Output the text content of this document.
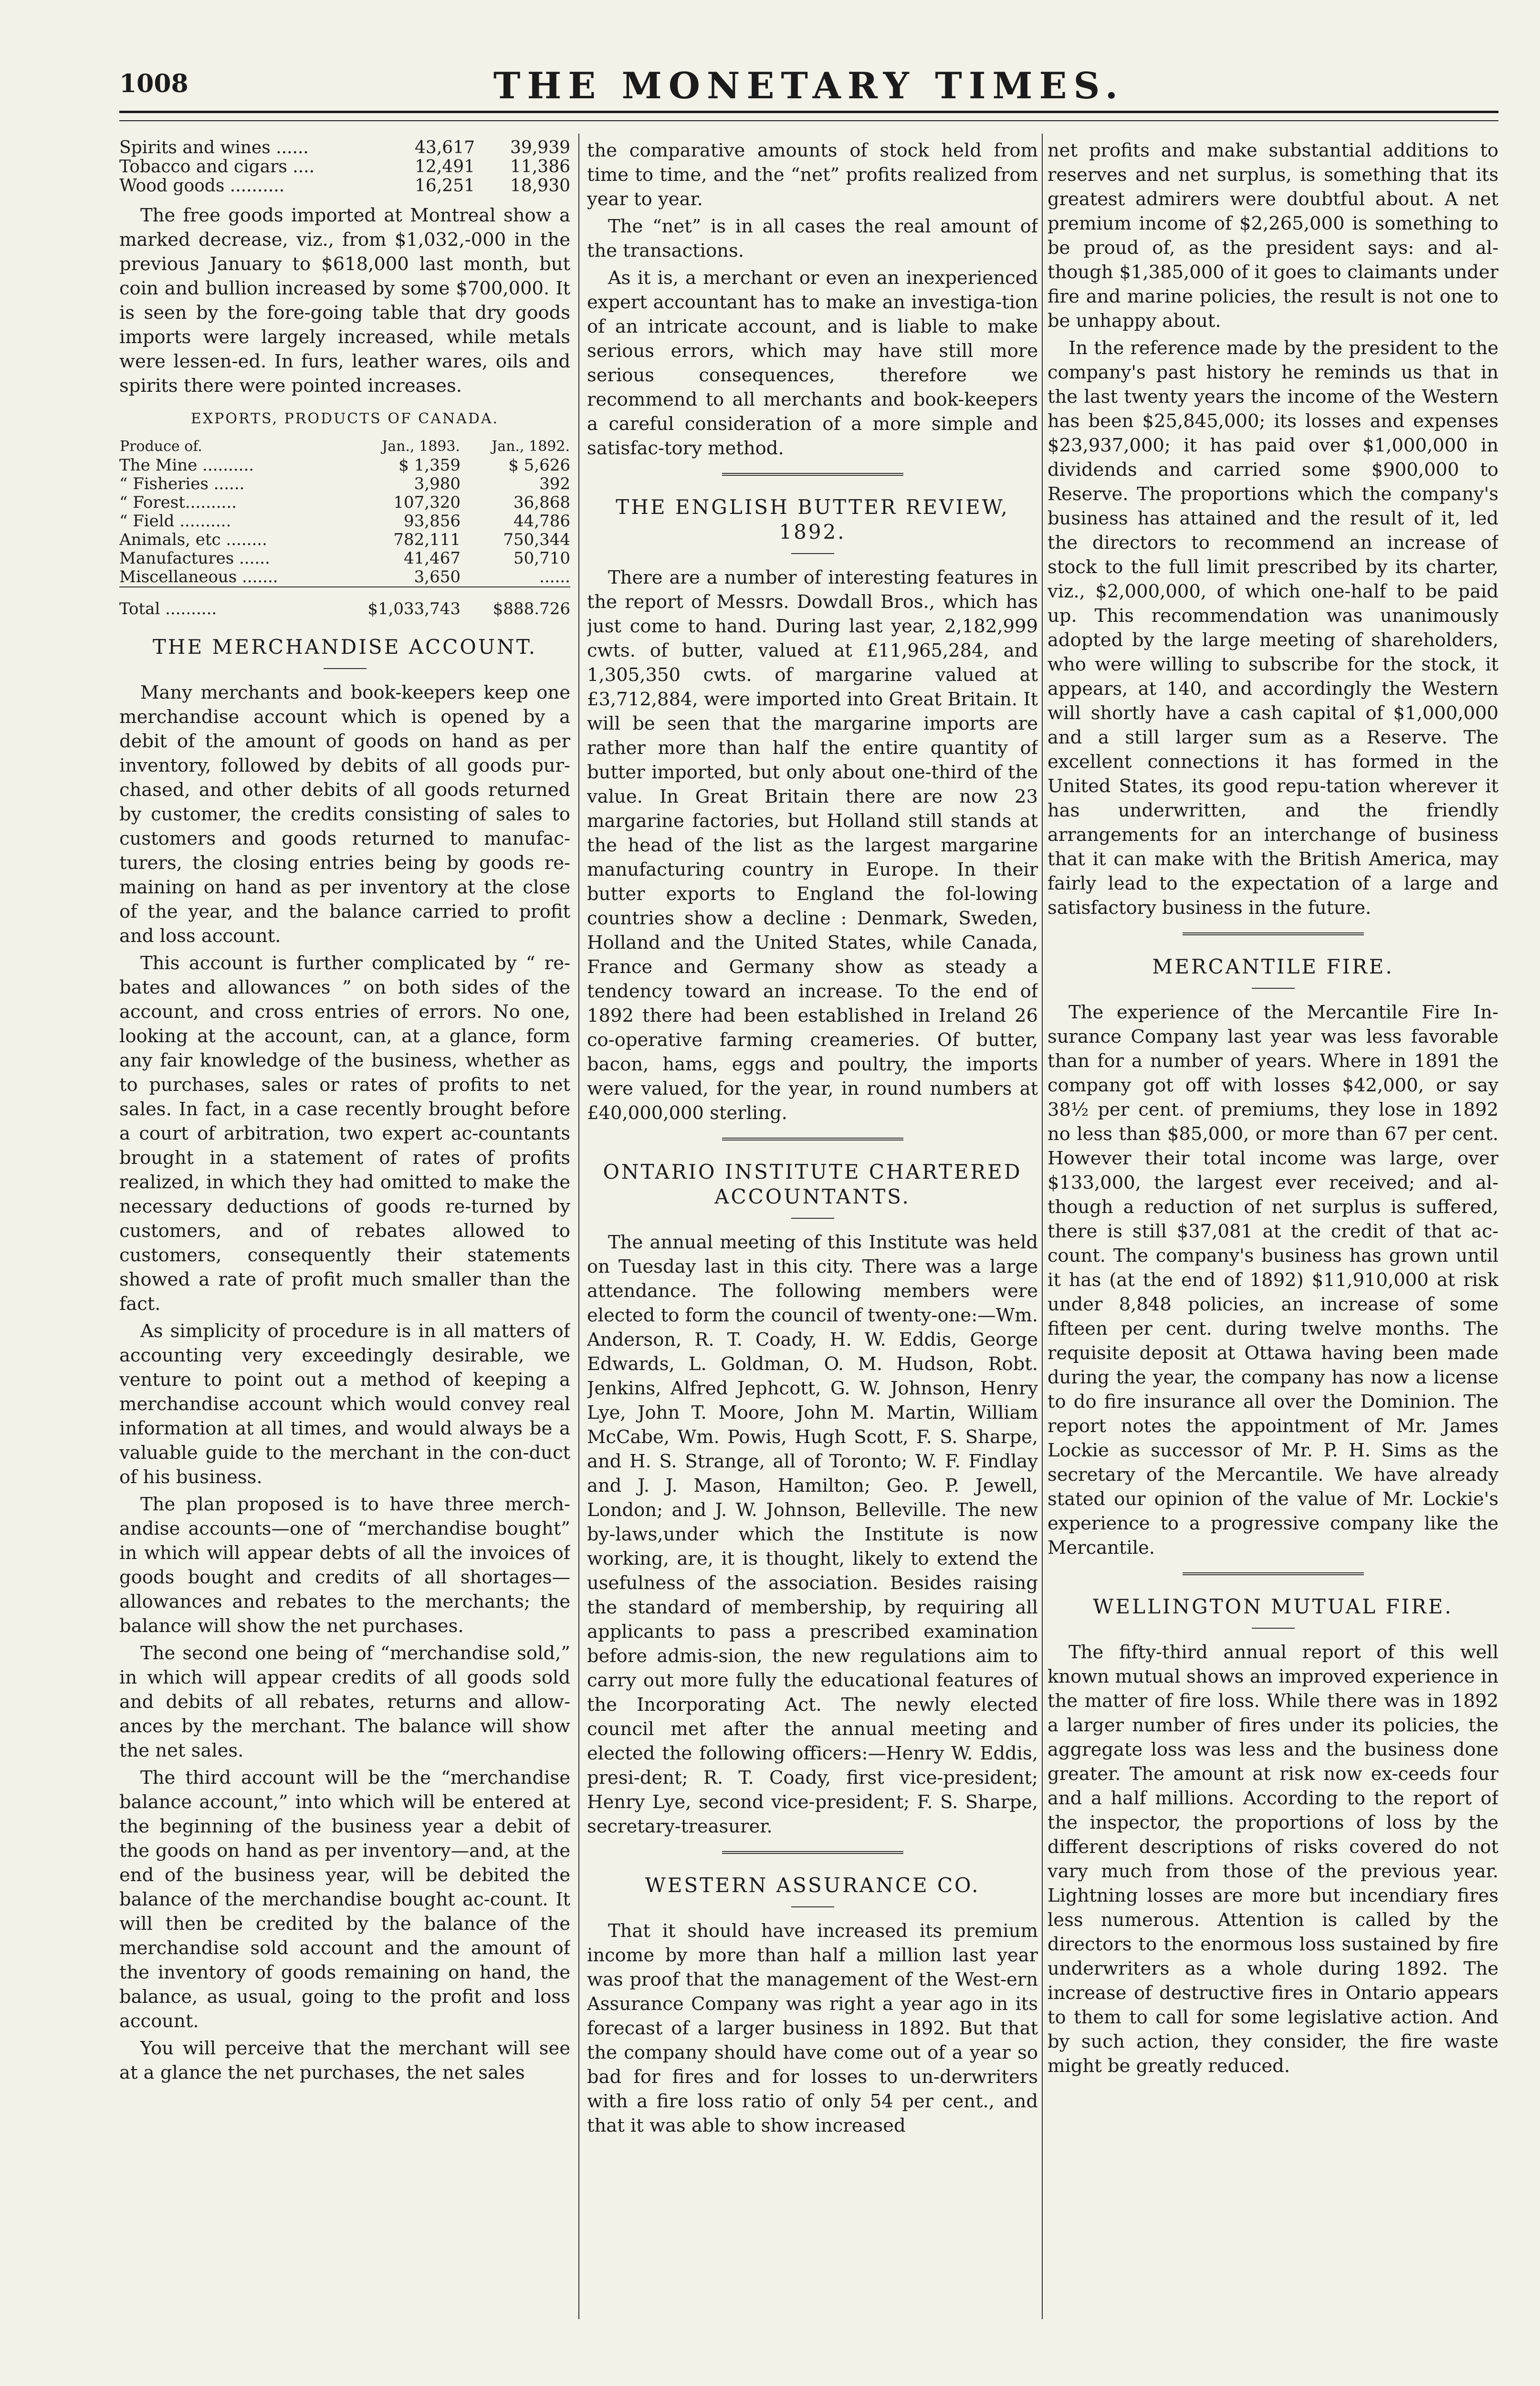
1008	THE MONETARY TIMES.
Spirits and wines ......	43,617	39,939
Tobacco and cigars ....	12,491	11,386
Wood goods ..........	16,251	18,930

The free goods imported at Montreal show a marked decrease, viz., from $1,032,-000 in the previous January to $618,000 last month, but coin and bullion increased by some $700,000. It is seen by the fore-going table that dry goods imports were largely increased, while metals were lessen-ed. In furs, leather wares, oils and spirits there were pointed increases.

EXPORTS, PRODUCTS OF CANADA.
Produce of.	Jan., 1893.	Jan., 1892.
The Mine ..........	$ 1,359	$ 5,626
“ Fisheries ......	3,980	392
“ Forest..........	107,320	36,868
“ Field ..........	93,856	44,786
Animals, etc ........	782,111	750,344
Manufactures ......	41,467	50,710
Miscellaneous .......	3,650	......

Total ..........	$1,033,743	$888.726
THE MERCHANDISE ACCOUNT.

Many merchants and book-keepers keep one merchandise account which is opened by a debit of the amount of goods on hand as per inventory, followed by debits of all goods pur-chased, and other debits of all goods returned by customer, the credits consisting of sales to customers and goods returned to manufac-turers, the closing entries being by goods re-maining on hand as per inventory at the close of the year, and the balance carried to profit and loss account.

This account is further complicated by “ re-bates and allowances ” on both sides of the account, and cross entries of errors. No one, looking at the account, can, at a glance, form any fair knowledge of the business, whether as to purchases, sales or rates of profits to net sales. In fact, in a case recently brought before a court of arbitration, two expert ac-countants brought in a statement of rates of profits realized, in which they had omitted to make the necessary deductions of goods re-turned by customers, and of rebates allowed to customers, consequently their statements showed a rate of profit much smaller than the fact.

As simplicity of procedure is in all matters of accounting very exceedingly desirable, we venture to point out a method of keeping a merchandise account which would convey real information at all times, and would always be a valuable guide to the merchant in the con-duct of his business.

The plan proposed is to have three merch-andise accounts—one of “merchandise bought” in which will appear debts of all the invoices of goods bought and credits of all shortages—allowances and rebates to the merchants; the balance will show the net purchases.

The second one being of “merchandise sold,” in which will appear credits of all goods sold and debits of all rebates, returns and allow-ances by the merchant. The balance will show the net sales.

The third account will be the “merchandise balance account,” into which will be entered at the beginning of the business year a debit of the goods on hand as per inventory—and, at the end of the business year, will be debited the balance of the merchandise bought ac-count. It will then be credited by the balance of the merchandise sold account and the amount of the inventory of goods remaining on hand, the balance, as usual, going to the profit and loss account.

You will perceive that the merchant will see at a glance the net purchases, the net sales

the comparative amounts of stock held from time to time, and the “net” profits realized from year to year.

The “net” is in all cases the real amount of the transactions.

As it is, a merchant or even an inexperienced expert accountant has to make an investiga-tion of an intricate account, and is liable to make serious errors, which may have still more serious consequences, therefore we recommend to all merchants and book-keepers a careful consideration of a more simple and satisfac-tory method.

THE ENGLISH BUTTER REVIEW, 1892.

There are a number of interesting features in the report of Messrs. Dowdall Bros., which has just come to hand. During last year, 2,182,999 cwts. of butter, valued at £11,965,284, and 1,305,350 cwts. of margarine valued at £3,712,884, were imported into Great Britain. It will be seen that the margarine imports are rather more than half the entire quantity of butter imported, but only about one-third of the value. In Great Britain there are now 23 margarine factories, but Holland still stands at the head of the list as the largest margarine manufacturing country in Europe. In their butter exports to England the fol-lowing countries show a decline : Denmark, Sweden, Holland and the United States, while Canada, France and Germany show as steady a tendency toward an increase. To the end of 1892 there had been established in Ireland 26 co-operative farming creameries. Of butter, bacon, hams, eggs and poultry, the imports were valued, for the year, in round numbers at £40,000,000 sterling.

ONTARIO INSTITUTE CHARTERED ACCOUNTANTS.

The annual meeting of this Institute was held on Tuesday last in this city. There was a large attendance. The following members were elected to form the council of twenty-one:—Wm. Anderson, R. T. Coady, H. W. Eddis, George Edwards, L. Goldman, O. M. Hudson, Robt. Jenkins, Alfred Jephcott, G. W. Johnson, Henry Lye, John T. Moore, John M. Martin, William McCabe, Wm. Powis, Hugh Scott, F. S. Sharpe, and H. S. Strange, all of Toronto; W. F. Findlay and J. J. Mason, Hamilton; Geo. P. Jewell, London; and J. W. Johnson, Belleville. The new by-laws,under which the Institute is now working, are, it is thought, likely to extend the usefulness of the association. Besides raising the standard of membership, by requiring all applicants to pass a prescribed examination before admis-sion, the new regulations aim to carry out more fully the educational features of the Incorporating Act. The newly elected council met after the annual meeting and elected the following officers:—Henry W. Eddis, presi-dent; R. T. Coady, first vice-president; Henry Lye, second vice-president; F. S. Sharpe, secretary-treasurer.

WESTERN ASSURANCE CO.

That it should have increased its premium income by more than half a million last year was proof that the management of the West-ern Assurance Company was right a year ago in its forecast of a larger business in 1892. But that the company should have come out of a year so bad for fires and for losses to un-derwriters with a fire loss ratio of only 54 per cent., and that it was able to show increased

net profits and make substantial additions to reserves and net surplus, is something that its greatest admirers were doubtful about. A net premium income of $2,265,000 is something to be proud of, as the president says: and al-though $1,385,000 of it goes to claimants under fire and marine policies, the result is not one to be unhappy about.

In the reference made by the president to the company's past history he reminds us that in the last twenty years the income of the Western has been $25,845,000; its losses and expenses $23,937,000; it has paid over $1,000,000 in dividends and carried some $900,000 to Reserve. The proportions which the company's business has attained and the result of it, led the directors to recommend an increase of stock to the full limit prescribed by its charter, viz., $2,000,000, of which one-half to be paid up. This recommendation was unanimously adopted by the large meeting of shareholders, who were willing to subscribe for the stock, it appears, at 140, and accordingly the Western will shortly have a cash capital of $1,000,000 and a still larger sum as a Reserve. The excellent connections it has formed in the United States, its good repu-tation wherever it has underwritten, and the friendly arrangements for an interchange of business that it can make with the British America, may fairly lead to the expectation of a large and satisfactory business in the future.

MERCANTILE FIRE.

The experience of the Mercantile Fire In-surance Company last year was less favorable than for a number of years. Where in 1891 the company got off with losses $42,000, or say 38½ per cent. of premiums, they lose in 1892 no less than $85,000, or more than 67 per cent. However their total income was large, over $133,000, the largest ever received; and al-though a reduction of net surplus is suffered, there is still $37,081 at the credit of that ac-count. The company's business has grown until it has (at the end of 1892) $11,910,000 at risk under 8,848 policies, an increase of some fifteen per cent. during twelve months. The requisite deposit at Ottawa having been made during the year, the company has now a license to do fire insurance all over the Dominion. The report notes the appointment of Mr. James Lockie as successor of Mr. P. H. Sims as the secretary of the Mercantile. We have already stated our opinion of the value of Mr. Lockie's experience to a progressive company like the Mercantile.

WELLINGTON MUTUAL FIRE.

The fifty-third annual report of this well known mutual shows an improved experience in the matter of fire loss. While there was in 1892 a larger number of fires under its policies, the aggregate loss was less and the business done greater. The amount at risk now ex-ceeds four and a half millions. According to the report of the inspector, the proportions of loss by the different descriptions of risks covered do not vary much from those of the previous year. Lightning losses are more but incendiary fires less numerous. Attention is called by the directors to the enormous loss sustained by fire underwriters as a whole during 1892. The increase of destructive fires in Ontario appears to them to call for some legislative action. And by such action, they consider, the fire waste might be greatly reduced.
